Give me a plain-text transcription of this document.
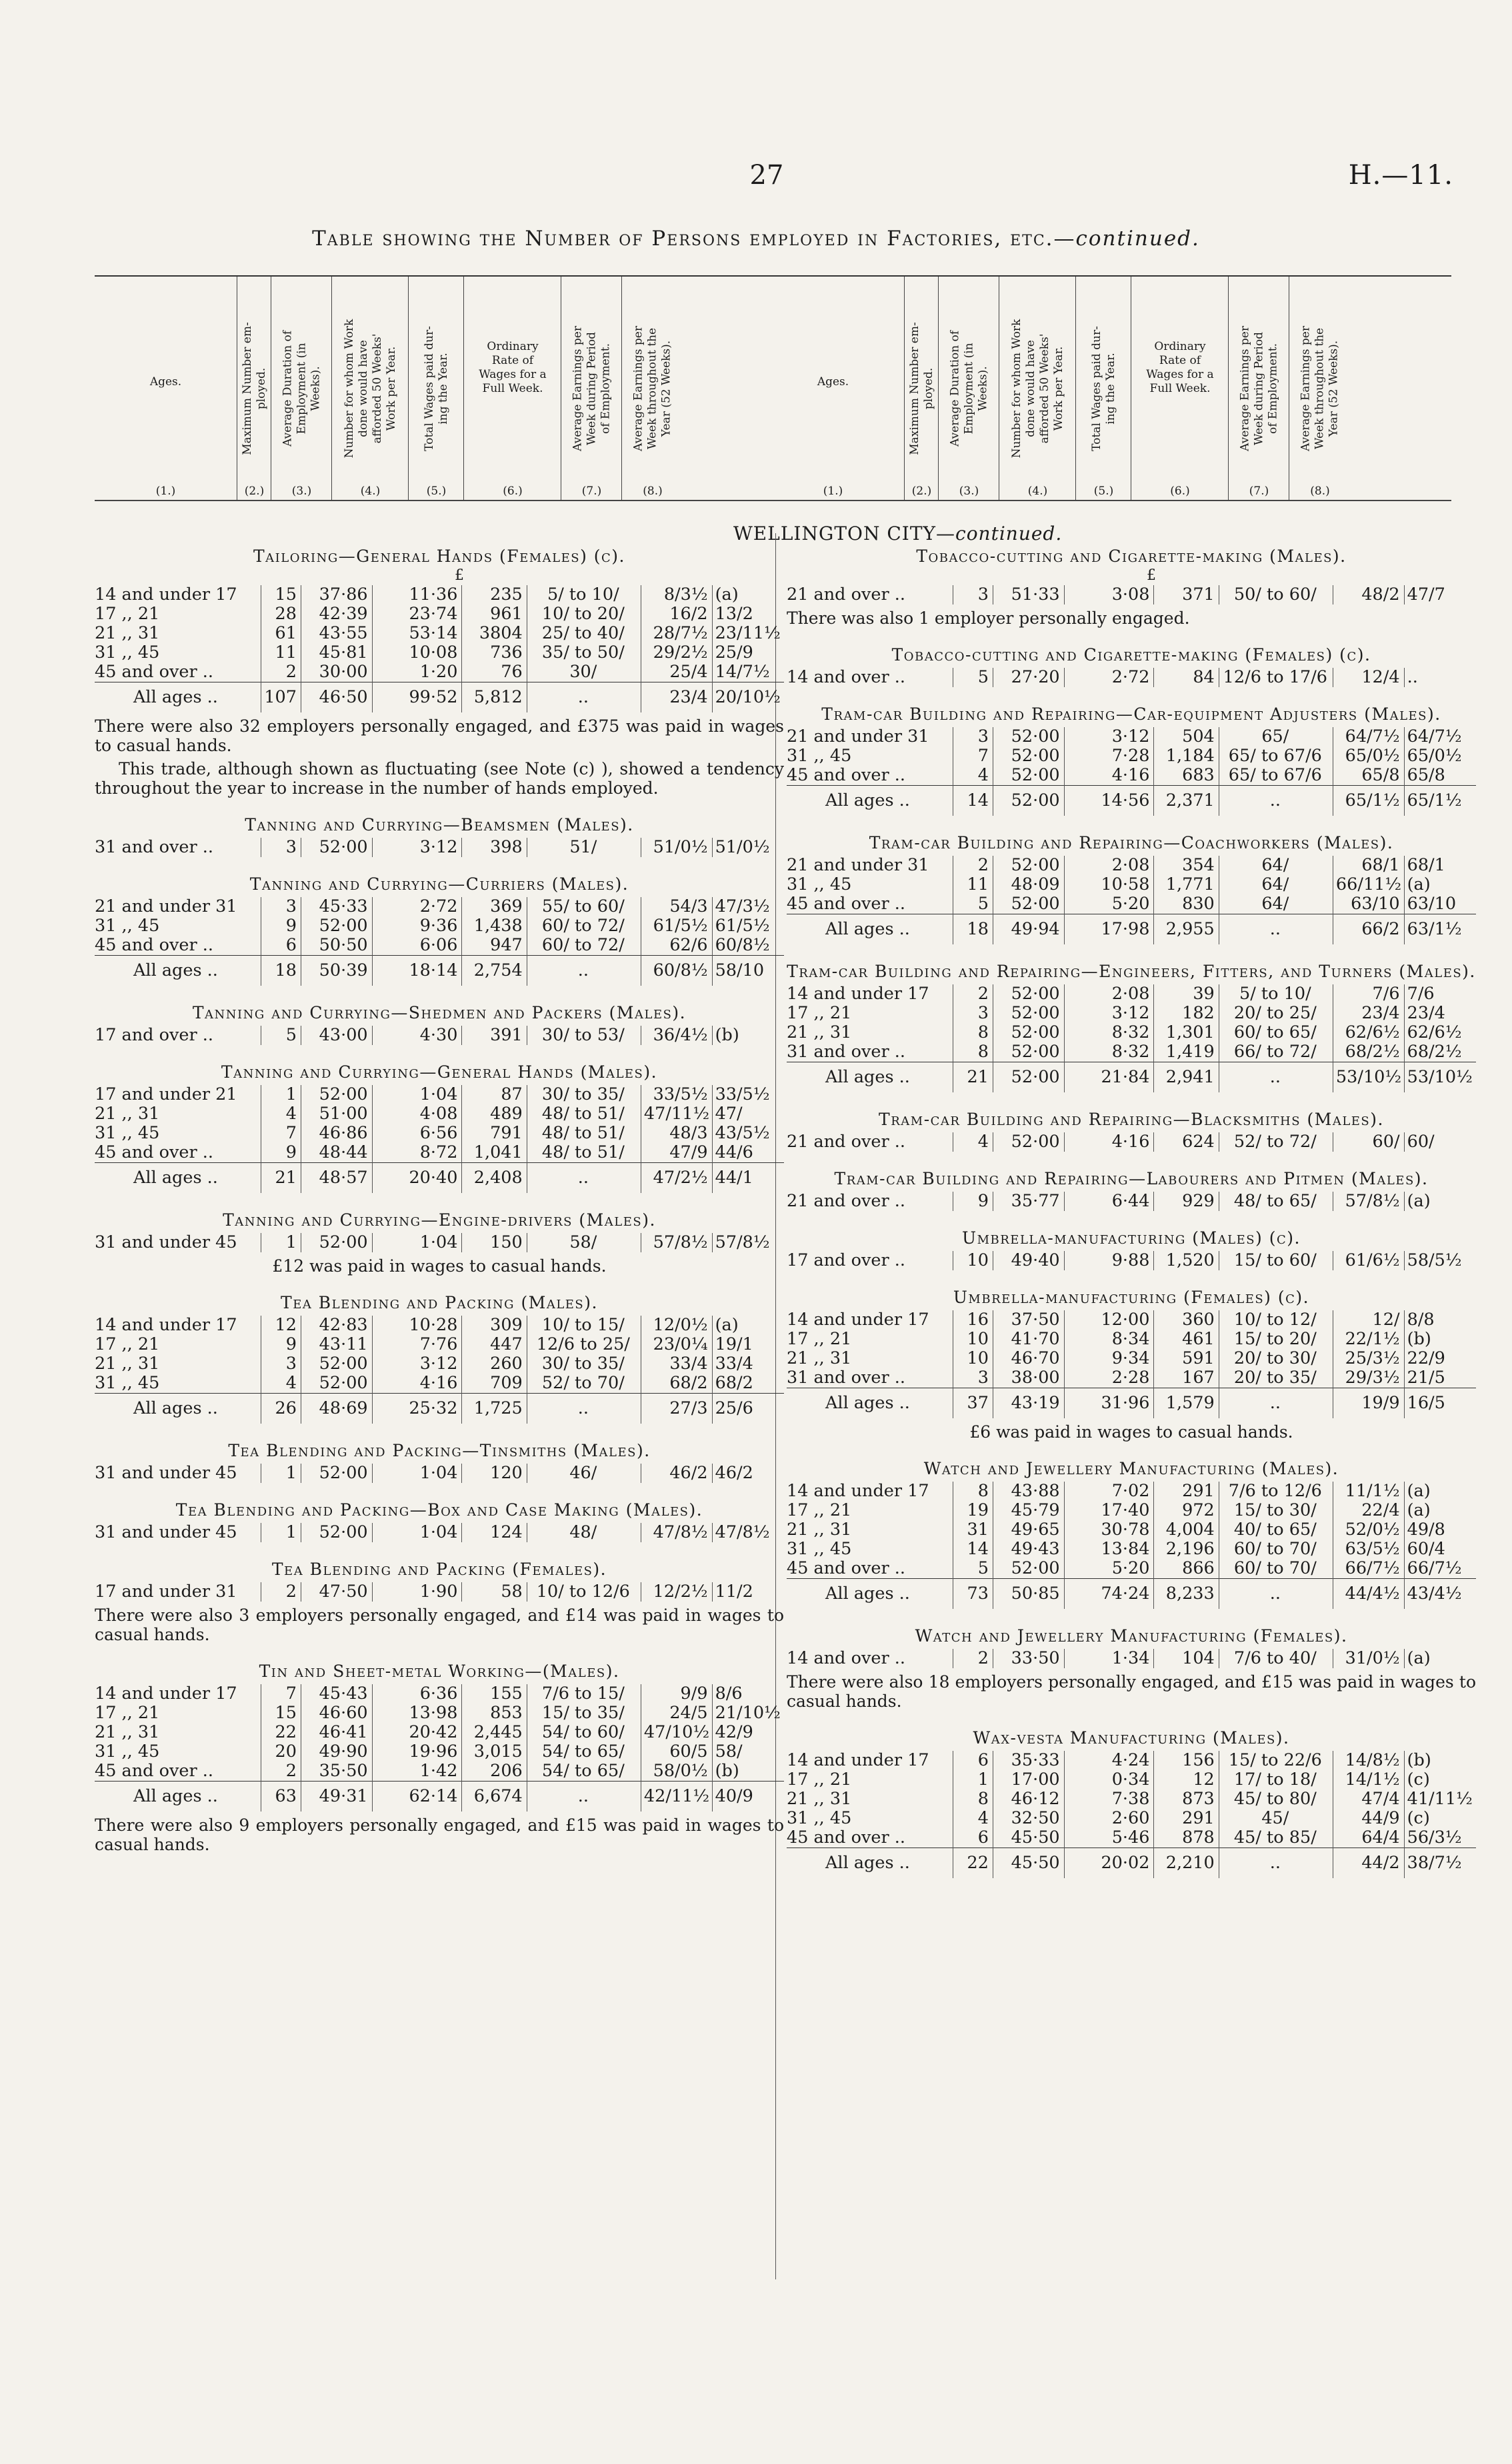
27	H.—11.
Table showing the Number of Persons employed in Factories, etc.—continued.
Ages.
(1.)
Maximum Number em-
ployed.
(2.)
Average Duration of
Employment (in
Weeks).
(3.)
Number for whom Work
done would have
afforded 50 Weeks'
Work per Year.
(4.)
Total Wages paid dur-
ing the Year.
(5.)
Ordinary
Rate of
Wages for a
Full Week.
(6.)
Average Earnings per
Week during Period
of Employment.
(7.)
Average Earnings per
Week throughout the
Year (52 Weeks).
(8.)
Ages.
(1.)
Maximum Number em-
ployed.
(2.)
Average Duration of
Employment (in
Weeks).
(3.)
Number for whom Work
done would have
afforded 50 Weeks'
Work per Year.
(4.)
Total Wages paid dur-
ing the Year.
(5.)
Ordinary
Rate of
Wages for a
Full Week.
(6.)
Average Earnings per
Week during Period
of Employment.
(7.)
Average Earnings per
Week throughout the
Year (52 Weeks).
(8.)
WELLINGTON CITY—continued.
Tailoring—General Hands (Females) (c).
£
14 and under 17	15	37·86	11·36	235	5/ to 10/	8/3½	(a)
17 ,, 21	28	42·39	23·74	961	10/ to 20/	16/2	13/2
21 ,, 31	61	43·55	53·14	3804	25/ to 40/	28/7½	23/11½
31 ,, 45	11	45·81	10·08	736	35/ to 50/	29/2½	25/9
45 and over ..	2	30·00	1·20	76	30/	25/4	14/7½
All ages ..	107	46·50	99·52	5,812	..	23/4	20/10½

There were also 32 employers personally engaged, and £375 was paid in wages to casual hands.

This trade, although shown as fluctuating (see Note (c) ), showed a tendency throughout the year to increase in the number of hands employed.

Tanning and Currying—Beamsmen (Males).
31 and over ..	3	52·00	3·12	398	51/	51/0½	51/0½
Tanning and Currying—Curriers (Males).
21 and under 31	3	45·33	2·72	369	55/ to 60/	54/3	47/3½
31 ,, 45	9	52·00	9·36	1,438	60/ to 72/	61/5½	61/5½
45 and over ..	6	50·50	6·06	947	60/ to 72/	62/6	60/8½
All ages ..	18	50·39	18·14	2,754	..	60/8½	58/10
Tanning and Currying—Shedmen and Packers (Males).
17 and over ..	5	43·00	4·30	391	30/ to 53/	36/4½	(b)
Tanning and Currying—General Hands (Males).
17 and under 21	1	52·00	1·04	87	30/ to 35/	33/5½	33/5½
21 ,, 31	4	51·00	4·08	489	48/ to 51/	47/11½	47/
31 ,, 45	7	46·86	6·56	791	48/ to 51/	48/3	43/5½
45 and over ..	9	48·44	8·72	1,041	48/ to 51/	47/9	44/6
All ages ..	21	48·57	20·40	2,408	..	47/2½	44/1
Tanning and Currying—Engine-drivers (Males).
31 and under 45	1	52·00	1·04	150	58/	57/8½	57/8½

£12 was paid in wages to casual hands.

Tea Blending and Packing (Males).
14 and under 17	12	42·83	10·28	309	10/ to 15/	12/0½	(a)
17 ,, 21	9	43·11	7·76	447	12/6 to 25/	23/0¼	19/1
21 ,, 31	3	52·00	3·12	260	30/ to 35/	33/4	33/4
31 ,, 45	4	52·00	4·16	709	52/ to 70/	68/2	68/2
All ages ..	26	48·69	25·32	1,725	..	27/3	25/6
Tea Blending and Packing—Tinsmiths (Males).
31 and under 45	1	52·00	1·04	120	46/	46/2	46/2
Tea Blending and Packing—Box and Case Making (Males).
31 and under 45	1	52·00	1·04	124	48/	47/8½	47/8½
Tea Blending and Packing (Females).
17 and under 31	2	47·50	1·90	58	10/ to 12/6	12/2½	11/2

There were also 3 employers personally engaged, and £14 was paid in wages to casual hands.

Tin and Sheet-metal Working—(Males).
14 and under 17	7	45·43	6·36	155	7/6 to 15/	9/9	8/6
17 ,, 21	15	46·60	13·98	853	15/ to 35/	24/5	21/10½
21 ,, 31	22	46·41	20·42	2,445	54/ to 60/	47/10½	42/9
31 ,, 45	20	49·90	19·96	3,015	54/ to 65/	60/5	58/
45 and over ..	2	35·50	1·42	206	54/ to 65/	58/0½	(b)
All ages ..	63	49·31	62·14	6,674	..	42/11½	40/9

There were also 9 employers personally engaged, and £15 was paid in wages to casual hands.

Tobacco-cutting and Cigarette-making (Males).
£
21 and over ..	3	51·33	3·08	371	50/ to 60/	48/2	47/7

There was also 1 employer personally engaged.

Tobacco-cutting and Cigarette-making (Females) (c).
14 and over ..	5	27·20	2·72	84	12/6 to 17/6	12/4	..
Tram-car Building and Repairing—Car-equipment Adjusters (Males).
21 and under 31	3	52·00	3·12	504	65/	64/7½	64/7½
31 ,, 45	7	52·00	7·28	1,184	65/ to 67/6	65/0½	65/0½
45 and over ..	4	52·00	4·16	683	65/ to 67/6	65/8	65/8
All ages ..	14	52·00	14·56	2,371	..	65/1½	65/1½
Tram-car Building and Repairing—Coachworkers (Males).
21 and under 31	2	52·00	2·08	354	64/	68/1	68/1
31 ,, 45	11	48·09	10·58	1,771	64/	66/11½	(a)
45 and over ..	5	52·00	5·20	830	64/	63/10	63/10
All ages ..	18	49·94	17·98	2,955	..	66/2	63/1½
Tram-car Building and Repairing—Engineers, Fitters, and Turners (Males).
14 and under 17	2	52·00	2·08	39	5/ to 10/	7/6	7/6
17 ,, 21	3	52·00	3·12	182	20/ to 25/	23/4	23/4
21 ,, 31	8	52·00	8·32	1,301	60/ to 65/	62/6½	62/6½
31 and over ..	8	52·00	8·32	1,419	66/ to 72/	68/2½	68/2½
All ages ..	21	52·00	21·84	2,941	..	53/10½	53/10½
Tram-car Building and Repairing—Blacksmiths (Males).
21 and over ..	4	52·00	4·16	624	52/ to 72/	60/	60/
Tram-car Building and Repairing—Labourers and Pitmen (Males).
21 and over ..	9	35·77	6·44	929	48/ to 65/	57/8½	(a)
Umbrella-manufacturing (Males) (c).
17 and over ..	10	49·40	9·88	1,520	15/ to 60/	61/6½	58/5½
Umbrella-manufacturing (Females) (c).
14 and under 17	16	37·50	12·00	360	10/ to 12/	12/	8/8
17 ,, 21	10	41·70	8·34	461	15/ to 20/	22/1½	(b)
21 ,, 31	10	46·70	9·34	591	20/ to 30/	25/3½	22/9
31 and over ..	3	38·00	2·28	167	20/ to 35/	29/3½	21/5
All ages ..	37	43·19	31·96	1,579	..	19/9	16/5

£6 was paid in wages to casual hands.

Watch and Jewellery Manufacturing (Males).
14 and under 17	8	43·88	7·02	291	7/6 to 12/6	11/1½	(a)
17 ,, 21	19	45·79	17·40	972	15/ to 30/	22/4	(a)
21 ,, 31	31	49·65	30·78	4,004	40/ to 65/	52/0½	49/8
31 ,, 45	14	49·43	13·84	2,196	60/ to 70/	63/5½	60/4
45 and over ..	5	52·00	5·20	866	60/ to 70/	66/7½	66/7½
All ages ..	73	50·85	74·24	8,233	..	44/4½	43/4½
Watch and Jewellery Manufacturing (Females).
14 and over ..	2	33·50	1·34	104	7/6 to 40/	31/0½	(a)

There were also 18 employers personally engaged, and £15 was paid in wages to casual hands.

Wax-vesta Manufacturing (Males).
14 and under 17	6	35·33	4·24	156	15/ to 22/6	14/8½	(b)
17 ,, 21	1	17·00	0·34	12	17/ to 18/	14/1½	(c)
21 ,, 31	8	46·12	7·38	873	45/ to 80/	47/4	41/11½
31 ,, 45	4	32·50	2·60	291	45/	44/9	(c)
45 and over ..	6	45·50	5·46	878	45/ to 85/	64/4	56/3½
All ages ..	22	45·50	20·02	2,210	..	44/2	38/7½
